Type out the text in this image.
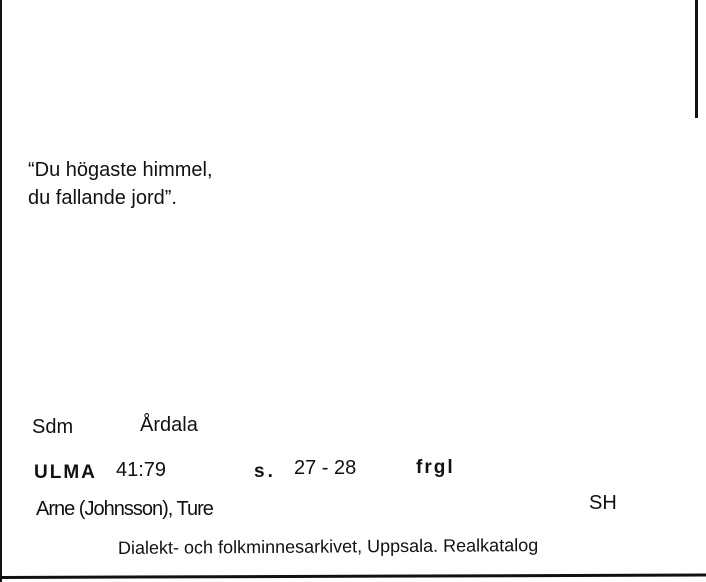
“Du högaste himmel,
du fallande jord”.
Sdm	Årdala
ULMA 41:79	s. 27 - 28	frgl
Arne (Johnsson), Ture	SH
Dialekt- och folkminnesarkivet, Uppsala. Realkatalog
